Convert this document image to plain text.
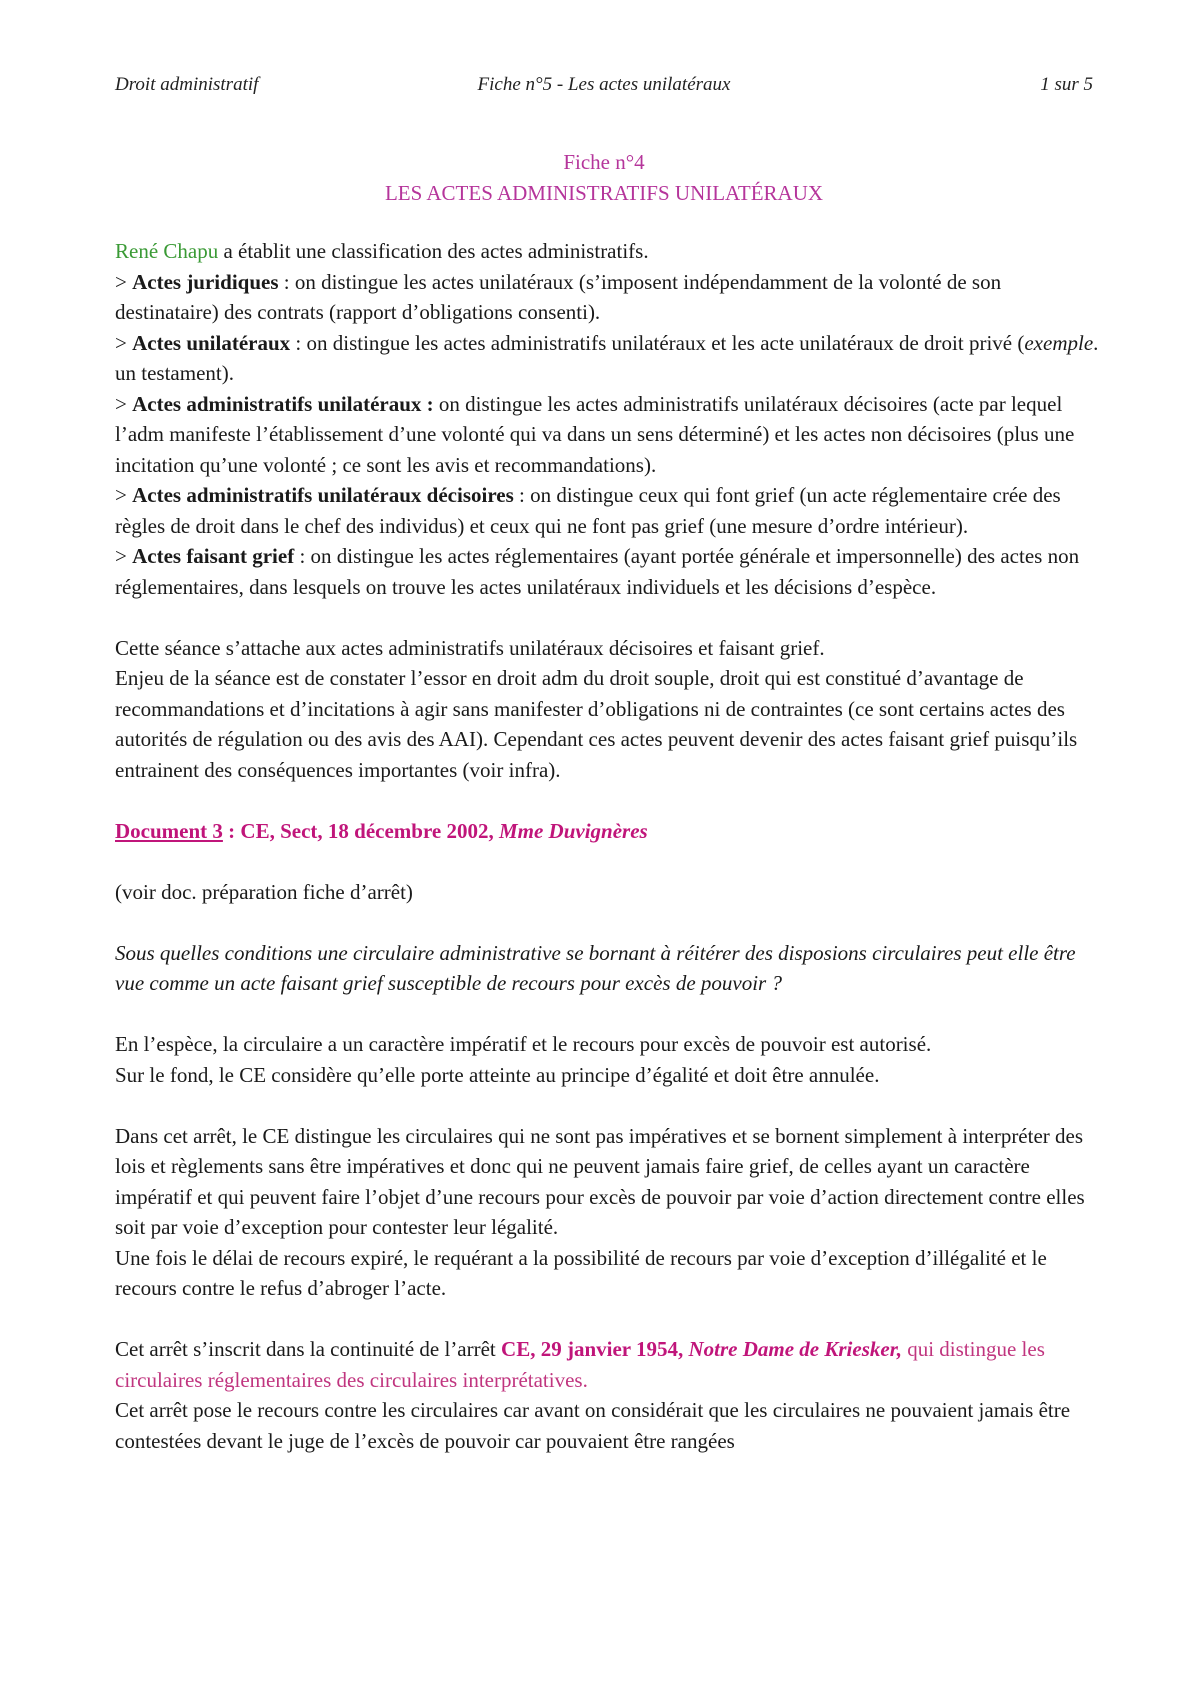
Droit administratif	Fiche n°5 - Les actes unilatéraux	1 sur 5
Fiche n°4
LES ACTES ADMINISTRATIFS UNILATÉRAUX

René Chapu a établit une classification des actes administratifs.

> Actes juridiques : on distingue les actes unilatéraux (s’imposent indépendamment de la volonté de son destinataire) des contrats (rapport d’obligations consenti).

> Actes unilatéraux : on distingue les actes administratifs unilatéraux et les acte unilatéraux de droit privé (exemple. un testament).

> Actes administratifs unilatéraux : on distingue les actes administratifs unilatéraux décisoires (acte par lequel l’adm manifeste l’établissement d’une volonté qui va dans un sens déterminé) et les actes non décisoires (plus une incitation qu’une volonté ; ce sont les avis et recommandations).

> Actes administratifs unilatéraux décisoires : on distingue ceux qui font grief (un acte réglementaire crée des règles de droit dans le chef des individus) et ceux qui ne font pas grief (une mesure d’ordre intérieur).

> Actes faisant grief : on distingue les actes réglementaires (ayant portée générale et impersonnelle) des actes non réglementaires, dans lesquels on trouve les actes unilatéraux individuels et les décisions d’espèce.

Cette séance s’attache aux actes administratifs unilatéraux décisoires et faisant grief.

Enjeu de la séance est de constater l’essor en droit adm du droit souple, droit qui est constitué d’avantage de recommandations et d’incitations à agir sans manifester d’obligations ni de contraintes (ce sont certains actes des autorités de régulation ou des avis des AAI). Cependant ces actes peuvent devenir des actes faisant grief puisqu’ils entrainent des conséquences importantes (voir infra).

Document 3 : CE, Sect, 18 décembre 2002, Mme Duvignères

(voir doc. préparation fiche d’arrêt)

Sous quelles conditions une circulaire administrative se bornant à réitérer des disposions circulaires peut elle être vue comme un acte faisant grief susceptible de recours pour excès de pouvoir ?

En l’espèce, la circulaire a un caractère impératif et le recours pour excès de pouvoir est autorisé.

Sur le fond, le CE considère qu’elle porte atteinte au principe d’égalité et doit être annulée.

Dans cet arrêt, le CE distingue les circulaires qui ne sont pas impératives et se bornent simplement à interpréter des lois et règlements sans être impératives et donc qui ne peuvent jamais faire grief, de celles ayant un caractère impératif et qui peuvent faire l’objet d’une recours pour excès de pouvoir par voie d’action directement contre elles soit par voie d’exception pour contester leur légalité.

Une fois le délai de recours expiré, le requérant a la possibilité de recours par voie d’exception d’illégalité et le recours contre le refus d’abroger l’acte.

Cet arrêt s’inscrit dans la continuité de l’arrêt CE, 29 janvier 1954, Notre Dame de Kriesker, qui distingue les circulaires réglementaires des circulaires interprétatives.

Cet arrêt pose le recours contre les circulaires car avant on considérait que les circulaires ne pouvaient jamais être contestées devant le juge de l’excès de pouvoir car pouvaient être rangées
